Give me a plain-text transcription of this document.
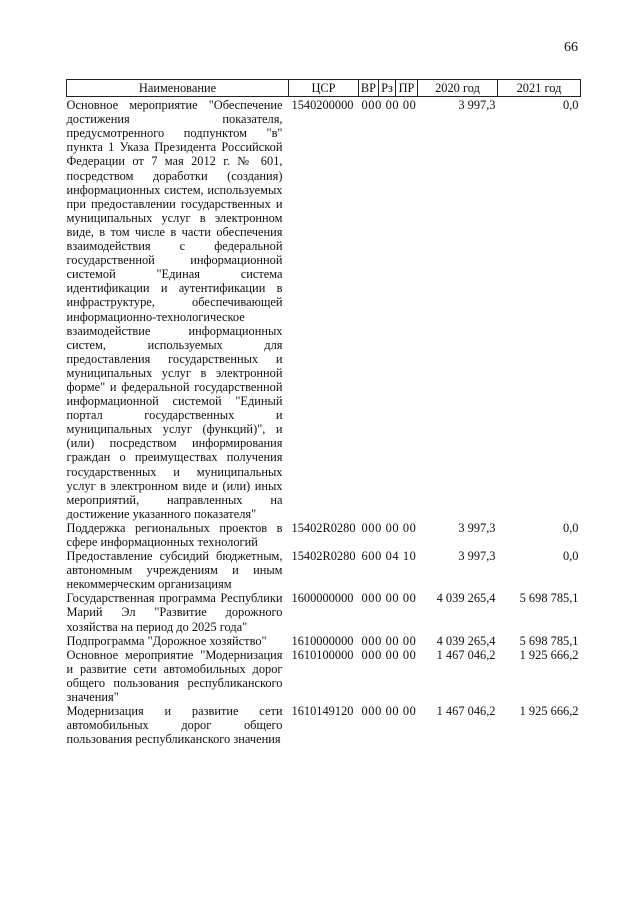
66
Наименование	ЦСР	ВР	Рз	ПР	2020 год	2021 год
Основное мероприятие "Обеспечение достижения показателя, предусмотренного подпунктом "в" пункта 1 Указа Президента Российской Федерации от 7 мая 2012 г. № 601, посредством доработки (создания) информационных систем, используемых при предоставлении государственных и муниципальных услуг в электронном виде, в том числе в части обеспечения взаимодействия с федеральной государственной информационной системой "Единая система идентификации и аутентификации в инфраструктуре, обеспечивающей информационно-технологическое взаимодействие информационных систем, используемых для предоставления государственных и муниципальных услуг в электронной форме" и федеральной государственной информационной системой "Единый портал государственных и муниципальных услуг (функций)", и (или) посредством информирования граждан о преимуществах получения государственных и муниципальных услуг в электронном виде и (или) иных мероприятий, направленных на достижение указанного показателя"	1540200000	000 00 00			3 997,3	0,0
Поддержка региональных проектов в сфере информационных технологий	15402R0280	000 00 00			3 997,3	0,0
Предоставление субсидий бюджетным, автономным учреждениям и иным некоммерческим организациям	15402R0280	600 04 10			3 997,3	0,0
Государственная программа Республики Марий Эл "Развитие дорожного хозяйства на период до 2025 года"	1600000000	000 00 00			4 039 265,4	5 698 785,1
Подпрограмма "Дорожное хозяйство"	1610000000	000 00 00			4 039 265,4	5 698 785,1
Основное мероприятие "Модернизация и развитие сети автомобильных дорог общего пользования республиканского значения"	1610100000	000 00 00			1 467 046,2	1 925 666,2
Модернизация и развитие сети автомобильных дорог общего пользования республиканского значения	1610149120	000 00 00			1 467 046,2	1 925 666,2
